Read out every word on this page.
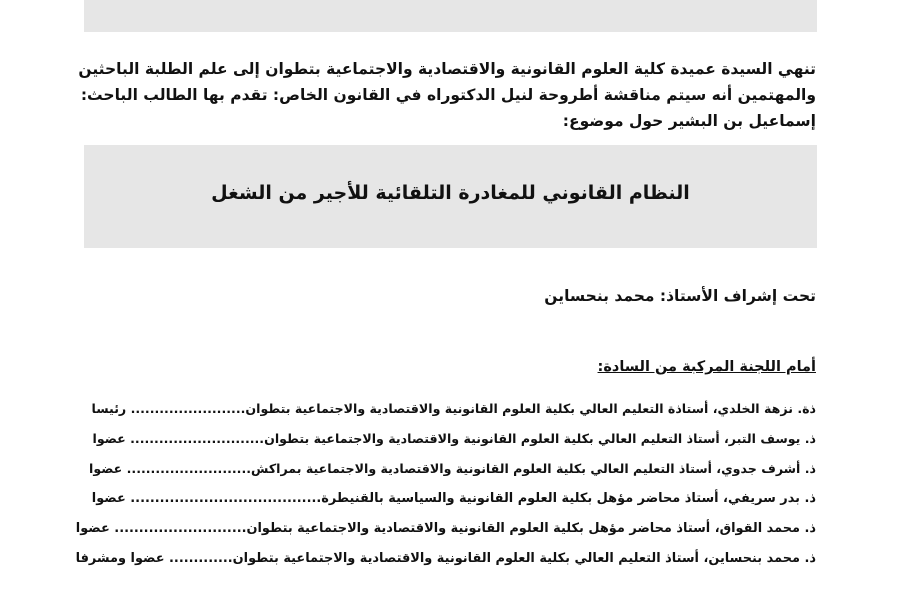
تنهي السيدة عميدة كلية العلوم القانونية والاقتصادية والاجتماعية بتطوان إلى علم الطلبة الباحثين
والمهتمين أنه سيتم مناقشة أطروحة لنيل الدكتوراه في القانون الخاص: تقدم بها الطالب الباحث:
إسماعيل بن البشير حول موضوع:
النظام القانوني للمغادرة التلقائية للأجير من الشغل
تحت إشراف الأستاذ: محمد بنحساين
أمام اللجنة المركبة من السادة:
ذة. نزهة الخلدي، أستاذة التعليم العالي بكلية العلوم القانونية والاقتصادية والاجتماعية بتطوان........................ رئيسا
ذ. يوسف التبر، أستاذ التعليم العالي بكلية العلوم القانونية والاقتصادية والاجتماعية بتطوان............................ عضوا
ذ. أشرف جدوي، أستاذ التعليم العالي بكلية العلوم القانونية والاقتصادية والاجتماعية بمراكش.......................... عضوا
ذ. بدر سريفي، أستاذ محاضر مؤهل بكلية العلوم القانونية والسياسية بالقنيطرة....................................... عضوا
ذ. محمد القواق، أستاذ محاضر مؤهل بكلية العلوم القانونية والاقتصادية والاجتماعية بتطوان........................... عضوا
ذ. محمد بنحساين، أستاذ التعليم العالي بكلية العلوم القانونية والاقتصادية والاجتماعية بتطوان............. عضوا ومشرفا
